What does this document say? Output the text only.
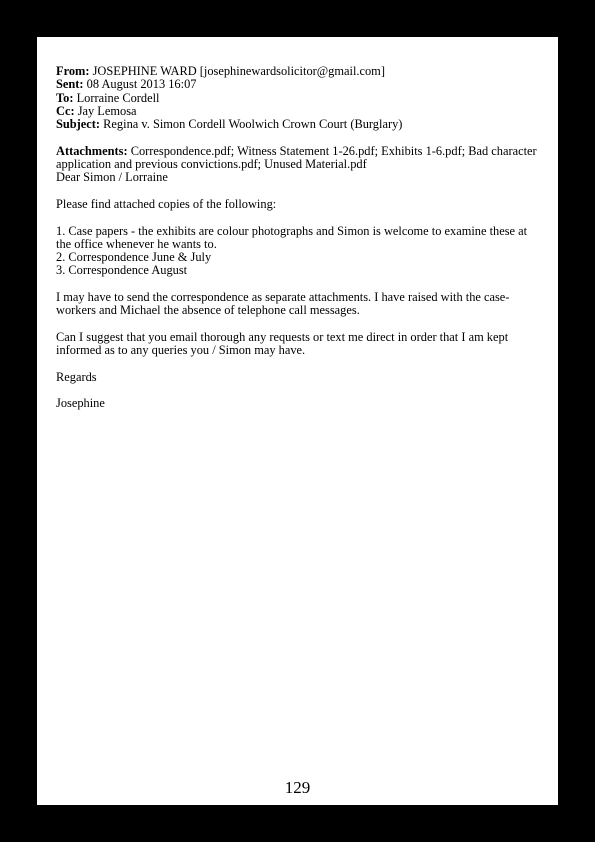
From: JOSEPHINE WARD [josephinewardsolicitor@gmail.com]
Sent: 08 August 2013 16:07
To: Lorraine Cordell
Cc: Jay Lemosa
Subject: Regina v. Simon Cordell Woolwich Crown Court (Burglary)
Attachments: Correspondence.pdf; Witness Statement 1-26.pdf; Exhibits 1-6.pdf; Bad character application and previous convictions.pdf; Unused Material.pdf
Dear Simon / Lorraine
Please find attached copies of the following:
1. Case papers - the exhibits are colour photographs and Simon is welcome to examine these at the office whenever he wants to.
2. Correspondence June & July
3. Correspondence August
I may have to send the correspondence as separate attachments. I have raised with the case-workers and Michael the absence of telephone call messages.
Can I suggest that you email thorough any requests or text me direct in order that I am kept informed as to any queries you / Simon may have.
Regards
Josephine
129
